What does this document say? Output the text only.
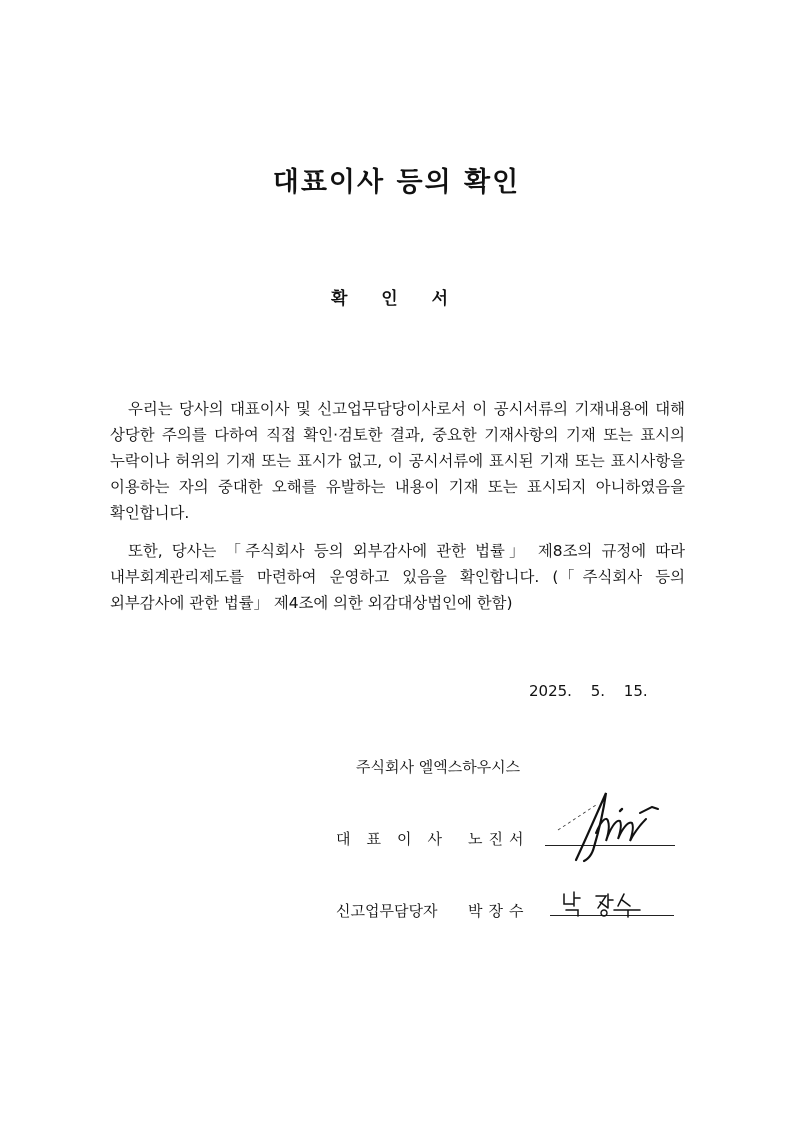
대표이사 등의 확인
확 인 서

우리는 당사의 대표이사 및 신고업무담당이사로서 이 공시서류의 기재내용에 대해 상당한 주의를 다하여 직접 확인·검토한 결과, 중요한 기재사항의 기재 또는 표시의 누락이나 허위의 기재 또는 표시가 없고, 이 공시서류에 표시된 기재 또는 표시사항을 이용하는 자의 중대한 오해를 유발하는 내용이 기재 또는 표시되지 아니하였음을 확인합니다.

또한, 당사는 「주식회사 등의 외부감사에 관한 법률」 제8조의 규정에 따라 내부회계관리제도를 마련하여 운영하고 있음을 확인합니다. (「주식회사 등의 외부감사에 관한 법률」 제4조에 의한 외감대상법인에 한함)

2025. 5. 15.
주식회사 엘엑스하우시스
대표이사 노진서
신고업무담당자 박장수
